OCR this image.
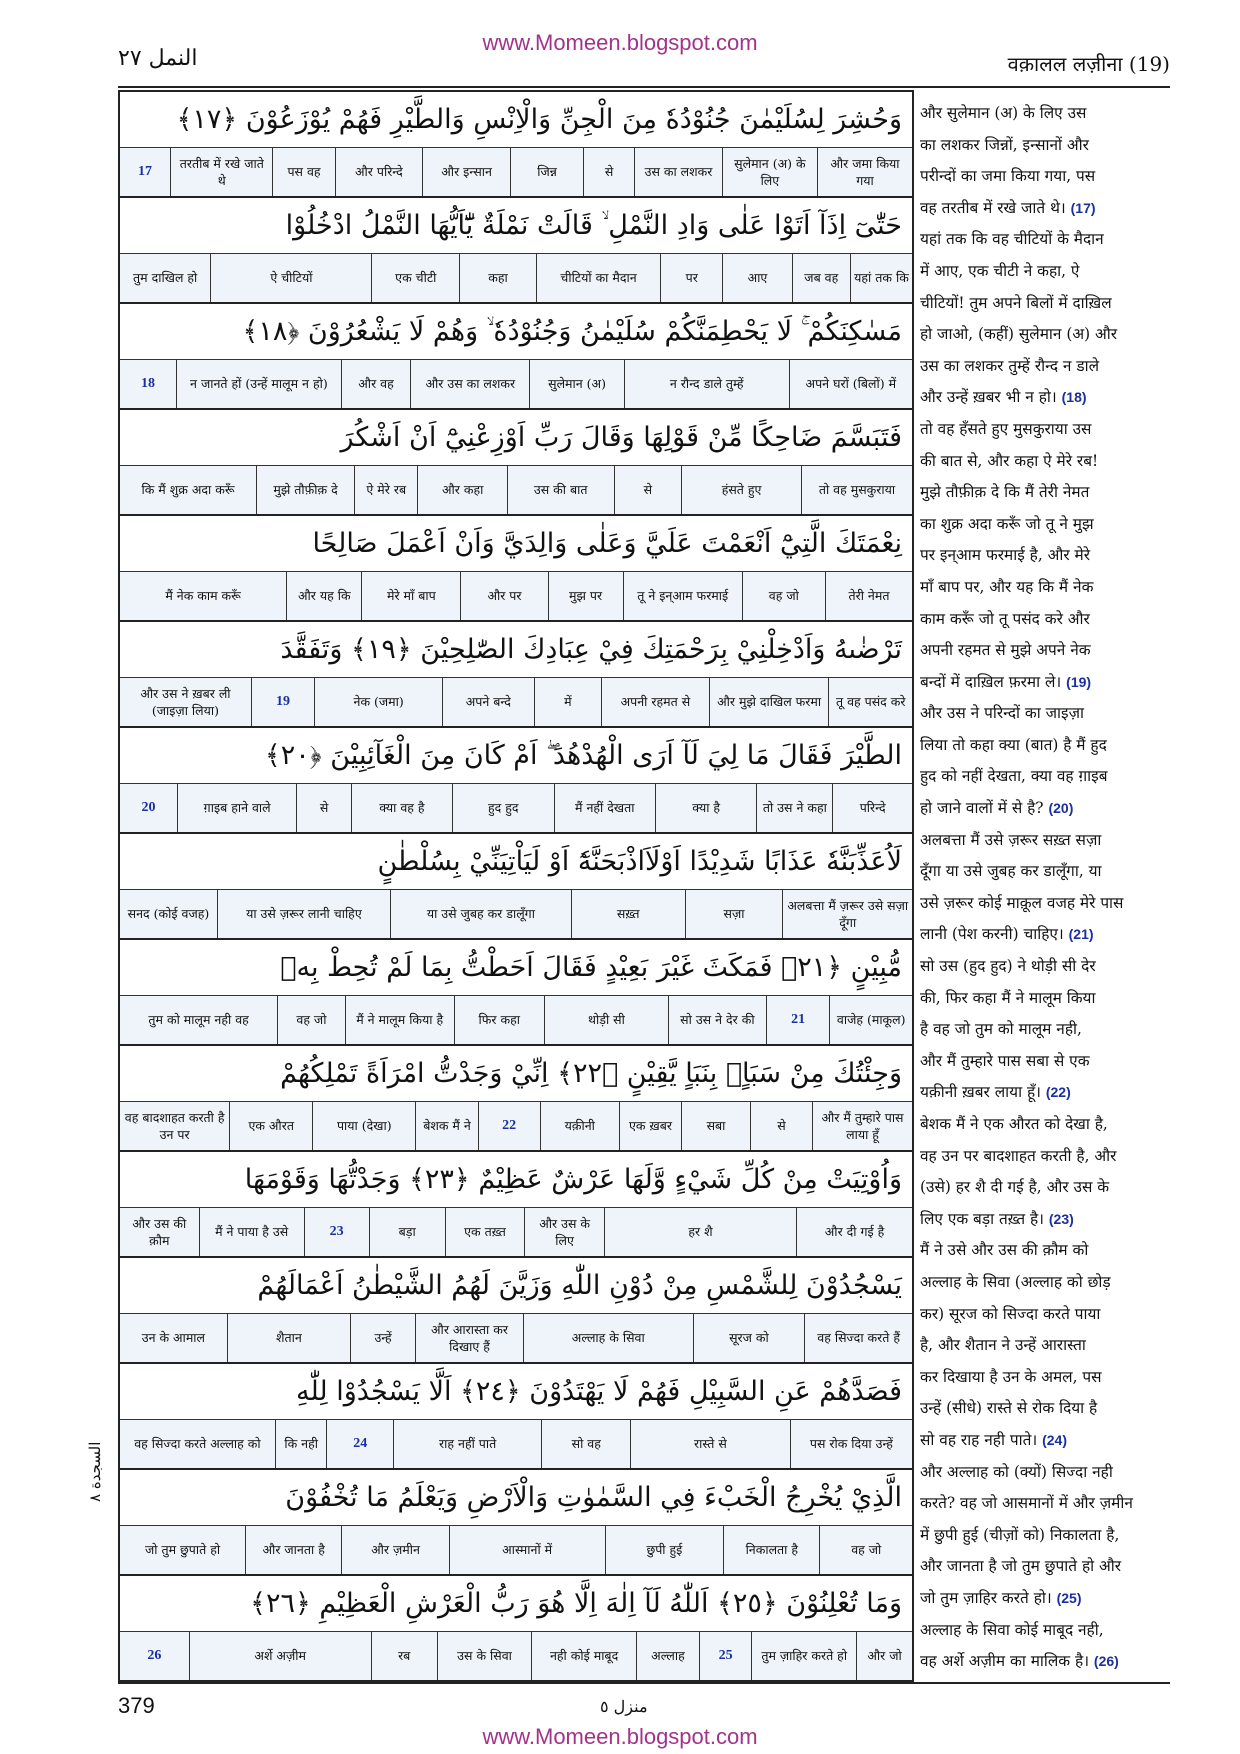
www.Momeen.blogspot.com
النمل ٢٧	वक़ालल लज़ीना (19)
وَحُشِرَ لِسُلَيْمٰنَ جُنُوْدُهٗ مِنَ الْجِنِّ وَالْاِنْسِ وَالطَّيْرِ فَهُمْ يُوْزَعُوْنَ ﴿١٧﴾
और जमा किया गया
सुलेमान (अ) के लिए
उस का लशकर
से
जिन्न
और इन्सान
और परिन्दे
पस वह
तरतीब में रखे जाते थे
17
حَتّٰىٓ اِذَآ اَتَوْا عَلٰى وَادِ النَّمْلِ ۙ قَالَتْ نَمْلَةٌ يّٰٓاَيُّهَا النَّمْلُ ادْخُلُوْا
यहां तक कि
जब वह
आए
पर
चीटियों का मैदान
कहा
एक चीटी
ऐ चीटियों
तुम दाखिल हो
مَسٰكِنَكُمْ ۚ لَا يَحْطِمَنَّكُمْ سُلَيْمٰنُ وَجُنُوْدُهٗ ۙ وَهُمْ لَا يَشْعُرُوْنَ ﴿١٨﴾
अपने घरों (बिलों) में
न रौन्द डाले तुम्हें
सुलेमान (अ)
और उस का लशकर
और वह
न जानते हों (उन्हें मालूम न हो)
18
فَتَبَسَّمَ ضَاحِكًا مِّنْ قَوْلِهَا وَقَالَ رَبِّ اَوْزِعْنِيْٓ اَنْ اَشْكُرَ
तो वह मुसकुराया
हंसते हुए
से
उस की बात
और कहा
ऐ मेरे रब
मुझे तौफ़ीक़ दे
कि मैं शुक्र अदा करूँ
نِعْمَتَكَ الَّتِيْٓ اَنْعَمْتَ عَلَيَّ وَعَلٰى وَالِدَيَّ وَاَنْ اَعْمَلَ صَالِحًا
तेरी नेमत
वह जो
तू ने इन्आम फरमाई
मुझ पर
और पर
मेरे माँ बाप
और यह कि
मैं नेक काम करूँ
تَرْضٰىهُ وَاَدْخِلْنِيْ بِرَحْمَتِكَ فِيْ عِبَادِكَ الصّٰلِحِيْنَ ﴿١٩﴾ وَتَفَقَّدَ
तू वह पसंद करे
और मुझे दाखिल फरमा
अपनी रहमत से
में
अपने बन्दे
नेक (जमा)
19
और उस ने ख़बर ली (जाइज़ा लिया)
الطَّيْرَ فَقَالَ مَا لِيَ لَآ اَرَى الْهُدْهُدَ ۖ اَمْ كَانَ مِنَ الْغَآئِبِيْنَ ﴿٢٠﴾
परिन्दे
तो उस ने कहा
क्या है
मैं नहीं देखता
हुद हुद
क्या वह है
से
ग़ाइब हाने वाले
20
لَاُعَذِّبَنَّهٗ عَذَابًا شَدِيْدًا اَوْلَاَاذْبَحَنَّهٗٓ اَوْ لَيَاْتِيَنِّيْ بِسُلْطٰنٍ
अलबत्ता मैं ज़रूर उसे सज़ा दूँगा
सज़ा
सख़्त
या उसे जुबह कर डालूँगा
या उसे ज़रूर लानी चाहिए
सनद (कोई वजह)
مُّبِيْنٍ ﴿٢١﴾ فَمَكَثَ غَيْرَ بَعِيْدٍ فَقَالَ اَحَطْتُّ بِمَا لَمْ تُحِطْ بِهٖ
वाजेह (माकूल)
21
सो उस ने देर की
थोड़ी सी
फिर कहा
मैं ने मालूम किया है
वह जो
तुम को मालूम नही वह
وَجِئْتُكَ مِنْ سَبَاٍۭ بِنَبَاٍ يَّقِيْنٍ ﴿٢٢﴾ اِنِّيْ وَجَدْتُّ امْرَاَةً تَمْلِكُهُمْ
और मैं तुम्हारे पास लाया हूँ
से
सबा
एक ख़बर
यक़ीनी
22
बेशक मैं ने
पाया (देखा)
एक औरत
वह बादशाहत करती है उन पर
وَاُوْتِيَتْ مِنْ كُلِّ شَيْءٍ وَّلَهَا عَرْشٌ عَظِيْمٌ ﴿٢٣﴾ وَجَدْتُّهَا وَقَوْمَهَا
और दी गई है
हर शै
और उस के लिए
एक तख़्त
बड़ा
23
मैं ने पाया है उसे
और उस की क़ौम
يَسْجُدُوْنَ لِلشَّمْسِ مِنْ دُوْنِ اللّٰهِ وَزَيَّنَ لَهُمُ الشَّيْطٰنُ اَعْمَالَهُمْ
वह सिज्दा करते हैं
सूरज को
अल्लाह के सिवा
और आरास्ता कर दिखाए हैं
उन्हें
शैतान
उन के आमाल
فَصَدَّهُمْ عَنِ السَّبِيْلِ فَهُمْ لَا يَهْتَدُوْنَ ﴿٢٤﴾ اَلَّا يَسْجُدُوْا لِلّٰهِ
पस रोक दिया उन्हें
रास्ते से
सो वह
राह नहीं पाते
24
कि नही
वह सिज्दा करते अल्लाह को
الَّذِيْ يُخْرِجُ الْخَبْءَ فِي السَّمٰوٰتِ وَالْاَرْضِ وَيَعْلَمُ مَا تُخْفُوْنَ
वह जो
निकालता है
छुपी हुई
आस्मानों में
और ज़मीन
और जानता है
जो तुम छुपाते हो
وَمَا تُعْلِنُوْنَ ﴿٢٥﴾ اَللّٰهُ لَآ اِلٰهَ اِلَّا هُوَ رَبُّ الْعَرْشِ الْعَظِيْمِ ﴿٢٦﴾
और जो
तुम ज़ाहिर करते हो
25
अल्लाह
नही कोई माबूद
उस के सिवा
रब
अर्शे अज़ीम
26
और सुलेमान (अ) के लिए उस
का लशकर जिन्नों, इन्सानों और
परीन्दों का जमा किया गया, पस
वह तरतीब में रखे जाते थे। (17)
यहां तक कि वह चीटियों के मैदान
में आए, एक चीटी ने कहा, ऐ
चीटियों! तुम अपने बिलों में दाख़िल
हो जाओ, (कहीं) सुलेमान (अ) और
उस का लशकर तुम्हें रौन्द न डाले
और उन्हें ख़बर भी न हो। (18)
तो वह हँसते हुए मुसकुराया उस
की बात से, और कहा ऐ मेरे रब!
मुझे तौफ़ीक़ दे कि मैं तेरी नेमत
का शुक्र अदा करूँ जो तू ने मुझ
पर इन्आम फरमाई है, और मेरे
माँ बाप पर, और यह कि मैं नेक
काम करूँ जो तू पसंद करे और
अपनी रहमत से मुझे अपने नेक
बन्दों में दाख़िल फ़रमा ले। (19)
और उस ने परिन्दों का जाइज़ा
लिया तो कहा क्या (बात) है मैं हुद
हुद को नहीं देखता, क्या वह ग़ाइब
हो जाने वालों में से है? (20)
अलबत्ता मैं उसे ज़रूर सख़्त सज़ा
दूँगा या उसे जुबह कर डालूँगा, या
उसे ज़रूर कोई माक़ूल वजह मेरे पास
लानी (पेश करनी) चाहिए। (21)
सो उस (हुद हुद) ने थोड़ी सी देर
की, फिर कहा मैं ने मालूम किया
है वह जो तुम को मालूम नही,
और मैं तुम्हारे पास सबा से एक
यक़ीनी ख़बर लाया हूँ। (22)
बेशक मैं ने एक औरत को देखा है,
वह उन पर बादशाहत करती है, और
(उसे) हर शै दी गई है, और उस के
लिए एक बड़ा तख़्त है। (23)
मैं ने उसे और उस की क़ौम को
अल्लाह के सिवा (अल्लाह को छोड़
कर) सूरज को सिज्दा करते पाया
है, और शैतान ने उन्हें आरास्ता
कर दिखाया है उन के अमल, पस
उन्हें (सीधे) रास्ते से रोक दिया है
सो वह राह नही पाते। (24)
और अल्लाह को (क्यों) सिज्दा नही
करते? वह जो आसमानों में और ज़मीन
में छुपी हुई (चीज़ों को) निकालता है,
और जानता है जो तुम छुपाते हो और
जो तुम ज़ाहिर करते हो। (25)
अल्लाह के सिवा कोई माबूद नही,
वह अर्शे अज़ीम का मालिक है। (26)
السجدة ٨
379	منزل ٥
www.Momeen.blogspot.com
